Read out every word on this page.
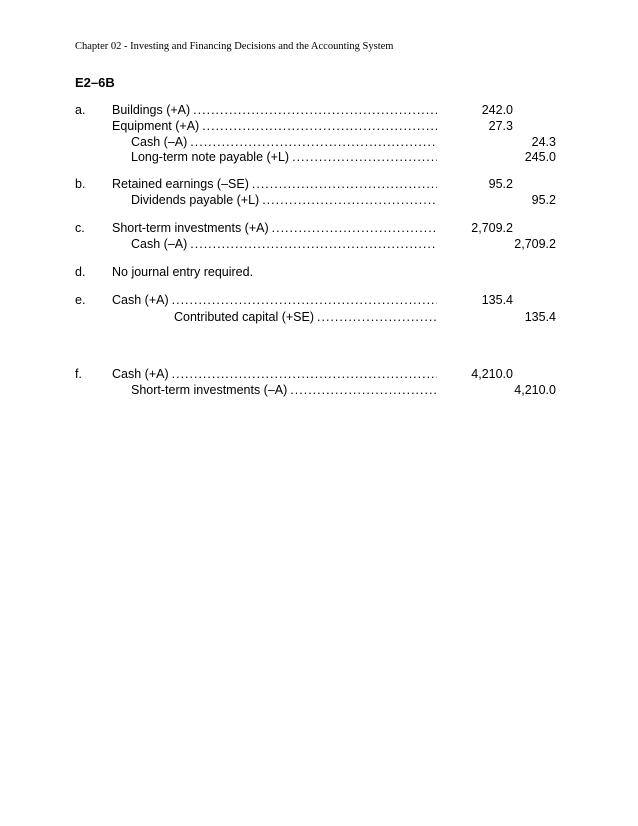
Chapter 02 - Investing and Financing Decisions and the Accounting System
E2–6B
a. Buildings (+A) .....	242.0
Equipment (+A) .....	27.3
Cash (–A) .....	24.3
Long-term note payable (+L) .....	245.0
b. Retained earnings (–SE) .....	95.2
Dividends payable (+L) .....	95.2
c. Short-term investments (+A) .....	2,709.2
Cash (–A) .....	2,709.2
d. No journal entry required.
e. Cash (+A) .....	135.4
Contributed capital (+SE) .....	135.4
f. Cash (+A) .....	4,210.0
Short-term investments (–A) .....	4,210.0
